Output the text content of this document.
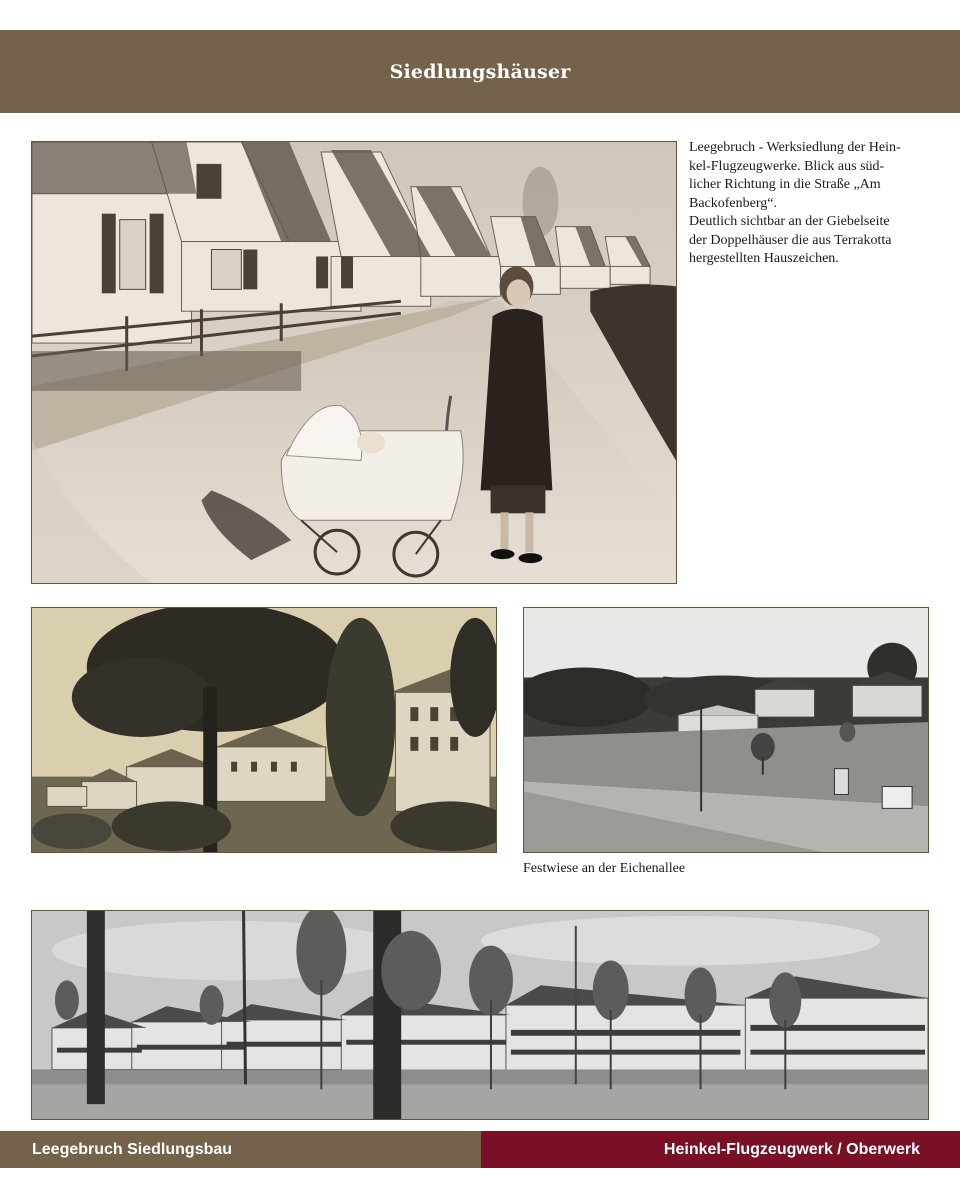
Siedlungshäuser

Leegebruch - Werksiedlung der Hein-

kel-Flugzeugwerke. Blick aus süd-

licher Richtung in die Straße „Am

Backofenberg“.

Deutlich sichtbar an der Giebelseite

der Doppelhäuser die aus Terrakotta

hergestellten Hauszeichen.

Festwiese an der Eichenallee
Leegebruch Siedlungsbau	Heinkel-Flugzeugwerk / Oberwerk
